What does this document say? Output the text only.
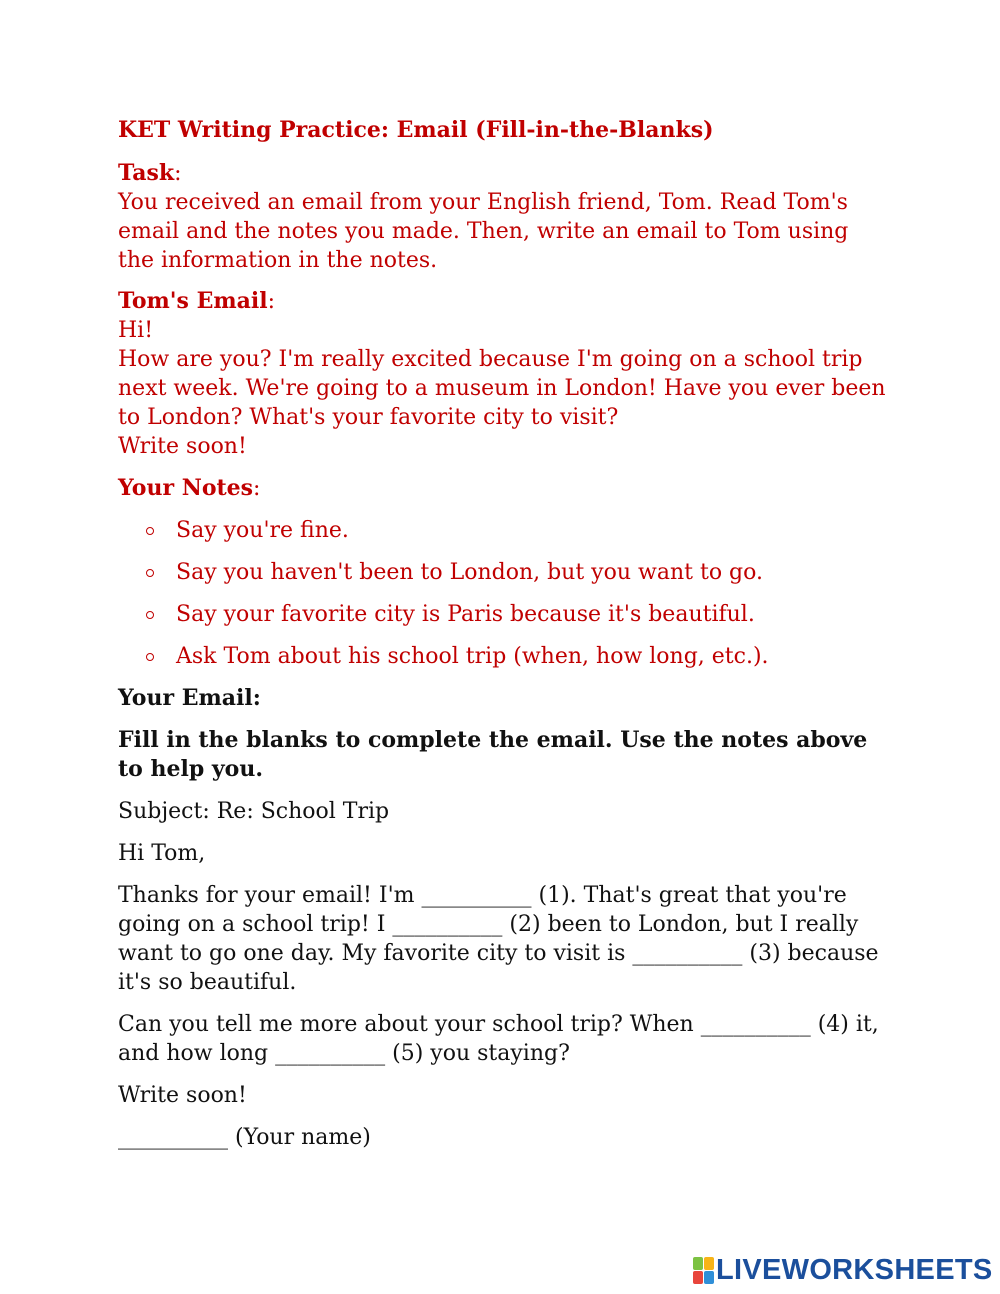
KET Writing Practice: Email (Fill-in-the-Blanks)

Task:
You received an email from your English friend, Tom. Read Tom's email and the notes you made. Then, write an email to Tom using the information in the notes.

Tom's Email:
Hi!
How are you? I'm really excited because I'm going on a school trip next week. We're going to a museum in London! Have you ever been to London? What's your favorite city to visit?
Write soon!

Your Notes:

Say you're fine.
Say you haven't been to London, but you want to go.
Say your favorite city is Paris because it's beautiful.
Ask Tom about his school trip (when, how long, etc.).

Your Email:

Fill in the blanks to complete the email. Use the notes above to help you.

Subject: Re: School Trip

Hi Tom,

Thanks for your email! I'm __________ (1). That's great that you're going on a school trip! I __________ (2) been to London, but I really want to go one day. My favorite city to visit is __________ (3) because it's so beautiful.

Can you tell me more about your school trip? When __________ (4) it, and how long __________ (5) you staying?

Write soon!

__________ (Your name)

LIVEWORKSHEETS
